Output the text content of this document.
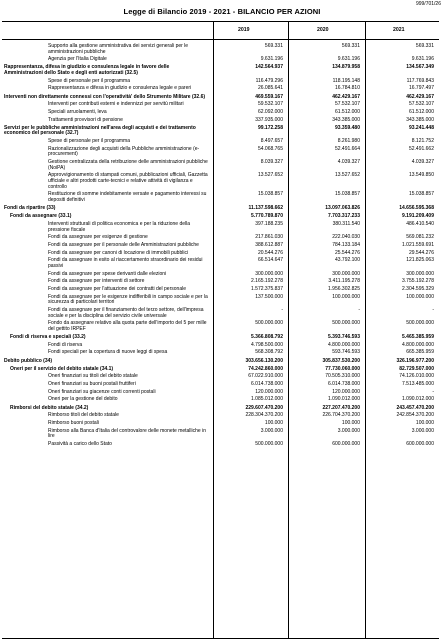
999/701/26
Legge di Bilancio 2019 - 2021 - BILANCIO PER AZIONI
2019	2020	2021
Supporto alla gestione amministrativa dei servizi generali per le amministrazioni pubbliche
569.331	569.331	569.331
Agenzia per l'Italia Digitale	9.631.196	9.631.196	9.631.196
Rappresentanza, difesa in giudizio e consulenza legale in favore delle Amministrazioni dello Stato e degli enti autorizzati (32.5)
142.564.937	134.879.958	134.567.349
Spese di personale per il programma	116.479.296	118.195.148	117.769.843
Rappresentanza e difesa in giudizio e consulenza legale e pareri	26.085.641	16.784.810	16.797.497
Interventi non direttamente connessi con l'operatività' dello Strumento Militare (32.6)	469.559.167	462.429.167	462.429.167
Interventi per contributi esterni e indennizzi per servitù militari	59.532.107	57.532.107	57.532.107
Speciali arruolamenti, leva	62.092.000	61.512.000	61.512.000
Trattamenti provvisori di pensione	337.935.000	343.385.000	343.385.000
Servizi per le pubbliche amministrazioni nell'area degli acquisti e dei trattamento economico del personale (32.7)
99.172.258	93.359.480	93.241.448
Spese di personale per il programma	8.497.657	8.261.980	8.121.752
Razionalizzazione degli acquisti della Pubbliche amministrazione (e-procurement)
54.068.765	52.491.664	52.491.662
Gestione centralizzata della retribuzione delle amministrazioni pubbliche (NoiPA)
8.039.327	4.039.327	4.039.327
Approvvigionamento di stampati comuni, pubblicazioni ufficiali, Gazzetta ufficiale e altri prodotti carte-tecnici e relative attività di vigilanza e controllo
13.527.652	13.527.652	13.549.850
Restituzione di somme indebitamente versate e pagamento interessi su depositi definitivi
15.038.857	15.038.857	15.038.857
Fondi da ripartire (33)	11.137.598.662	13.097.063.826	14.656.595.368
Fondi da assegnare (33.1)	5.770.789.870	7.703.317.233	9.191.209.409
Interventi strutturali di politica economica e per la riduzione della pressione fiscale
397.188.235	380.311.540	486.410.540
Fondi da assegnare per esigenze di gestione	217.861.030	222.040.030	569.081.232
Fondi da assegnare per il personale delle Amministrazioni pubbliche	388.612.887	784.133.184	1.021.559.691
Fondi da assegnare per canoni di locazione di immobili pubblici	20.544.276	25.544.276	29.544.276
Fondi da assegnare in esito al riaccertamento straordinario dei residui passivi
66.514.647	43.792.100	121.825.063
Fondi da assegnare per spese derivanti dalle elezioni	300.000.000	300.000.000	300.000.000
Fondi da assegnare per interventi di settore	2.165.192.278	3.411.195.278	3.755.192.278
Fondi da assegnare per l'attuazione dei contratti del personale	1.572.375.837	1.956.302.825	2.304.595.329
Fondi da assegnare per le esigenze indifferibili in campo sociale e per la sicurezza di particolari territori
137.500.000	100.000.000	100.000.000
Fondi da assegnare per il finanziamento del terzo settore, dell'impresa sociale e per la disciplina del servizio civile universale
-	-	-
Fondo da assegnare relativo alla quota parte dell'importo del 5 per mille del gettito IRPEF
500.000.000	500.000.000	500.000.000
Fondi di riserva e speciali (33.2)	5.366.808.792	5.393.746.593	5.465.385.959
Fondi di riserva	4.798.500.000	4.800.000.000	4.800.000.000
Fondi speciali per la copertura di nuove leggi di spesa	568.308.792	593.746.593	665.385.959
Debito pubblico (34)	303.656.130.200	305.837.530.200	326.196.977.200
Oneri per il servizio del debito statale (34.1)	74.242.860.000	77.730.060.000	82.729.507.000
Oneri finanziari su titoli del debito statale	67.022.910.000	70.505.310.000	74.126.010.000
Oneri finanziari su buoni postali fruttiferi	6.014.738.000	6.014.738.000	7.513.485.000
Oneri finanziari su giacenze conti correnti postali	120.000.000	120.000.000	-
Oneri per la gestione del debito	1.085.012.000	1.090.012.000	1.090.012.000
Rimborsi del debito statale (34.2)	229.607.470.200	227.207.470.200	243.457.470.200
Rimborso titoli del debito statale	228.304.370.200	226.704.370.200	242.854.370.200
Rimborso buoni postali	100.000	100.000	100.000
Rimborso alla Banca d'Italia del controvalore delle monete metalliche in lire
3.000.000	3.000.000	3.000.000
Passività a carico dello Stato	500.000.000	600.000.000	600.000.000
